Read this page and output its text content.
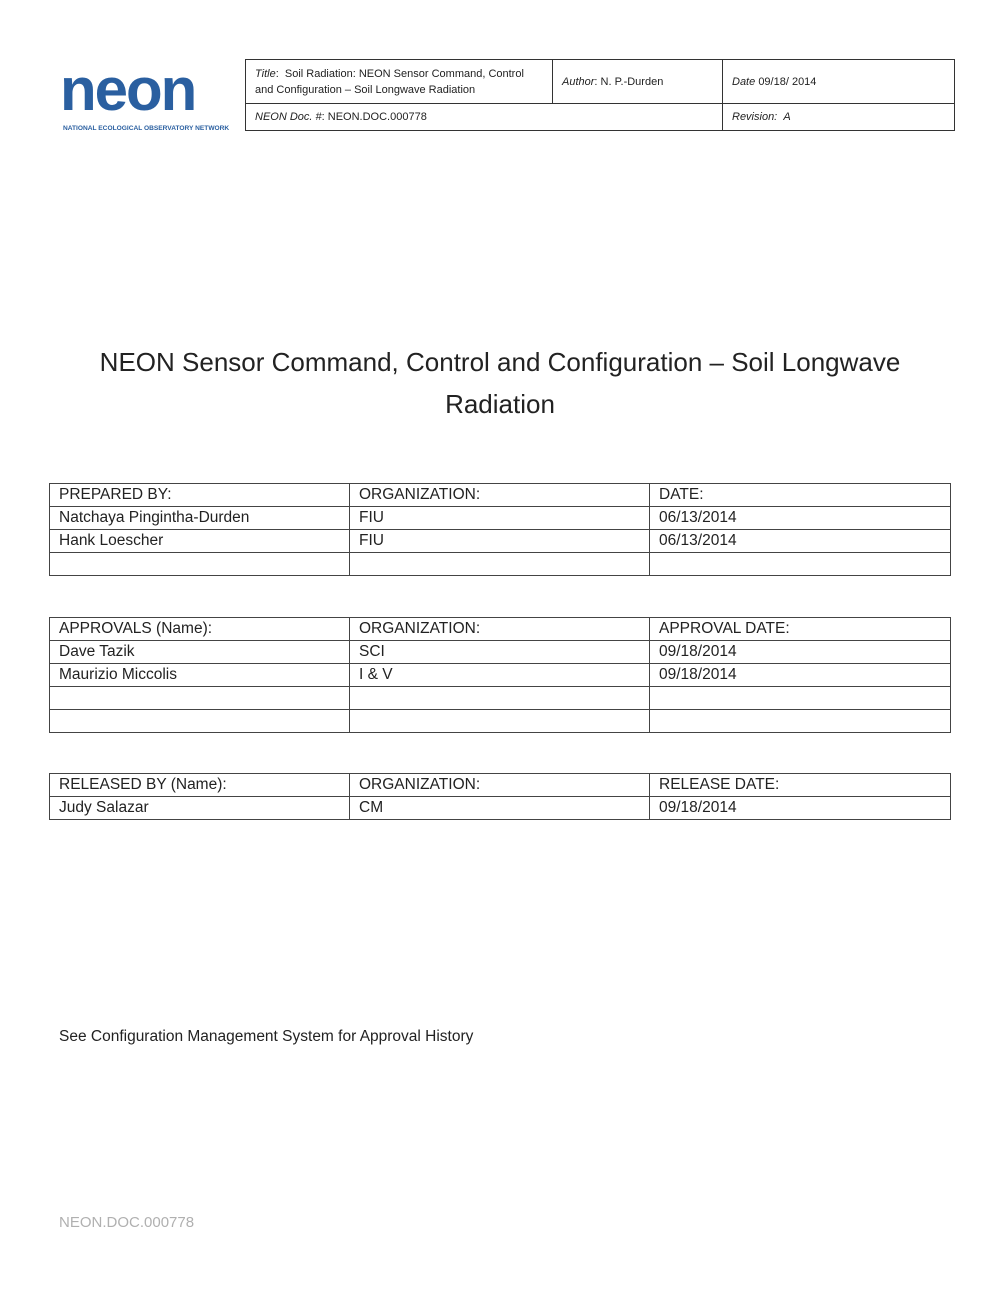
neon
NATIONAL ECOLOGICAL OBSERVATORY NETWORK
Title:  Soil Radiation: NEON Sensor Command, Control and Configuration – Soil Longwave Radiation	Author: N. P.-Durden	Date 09/18/ 2014
NEON Doc. #: NEON.DOC.000778		Revision: A
NEON Sensor Command, Control and Configuration – Soil Longwave Radiation
PREPARED BY:	ORGANIZATION:	DATE:
Natchaya Pingintha-Durden	FIU	06/13/2014
Hank Loescher	FIU	06/13/2014

APPROVALS (Name):	ORGANIZATION:	APPROVAL DATE:
Dave Tazik	SCI	09/18/2014
Maurizio Miccolis	I & V	09/18/2014

RELEASED BY (Name):	ORGANIZATION:	RELEASE DATE:
Judy Salazar	CM	09/18/2014
See Configuration Management System for Approval History
NEON.DOC.000778
